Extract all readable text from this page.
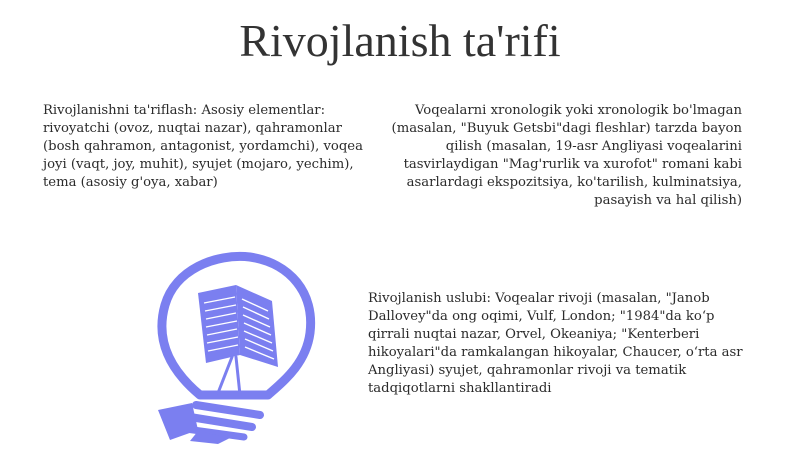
Rivojlanish ta'rifi

Rivojlanishni ta'riflash: Asosiy elementlar: rivoyatchi (ovoz, nuqtai nazar), qahramonlar (bosh qahramon, antagonist, yordamchi), voqea joyi (vaqt, joy, muhit), syujet (mojaro, yechim), tema (asosiy g'oya, xabar)

Voqealarni xronologik yoki xronologik bo'lmagan (masalan, "Buyuk Getsbi"dagi fleshlar) tarzda bayon qilish (masalan, 19-asr Angliyasi voqealarini tasvirlaydigan "Mag'rurlik va xurofot" romani kabi asarlardagi ekspozitsiya, ko'tarilish, kulminatsiya, pasayish va hal qilish)

Rivojlanish uslubi: Voqealar rivoji (masalan, "Janob Dallovey"da ong oqimi, Vulf, London; "1984"da ko‘p qirrali nuqtai nazar, Orvel, Okeaniya; "Kenterberi hikoyalari"da ramkalangan hikoyalar, Chaucer, o‘rta asr Angliyasi) syujet, qahramonlar rivoji va tematik tadqiqotlarni shakllantiradi
